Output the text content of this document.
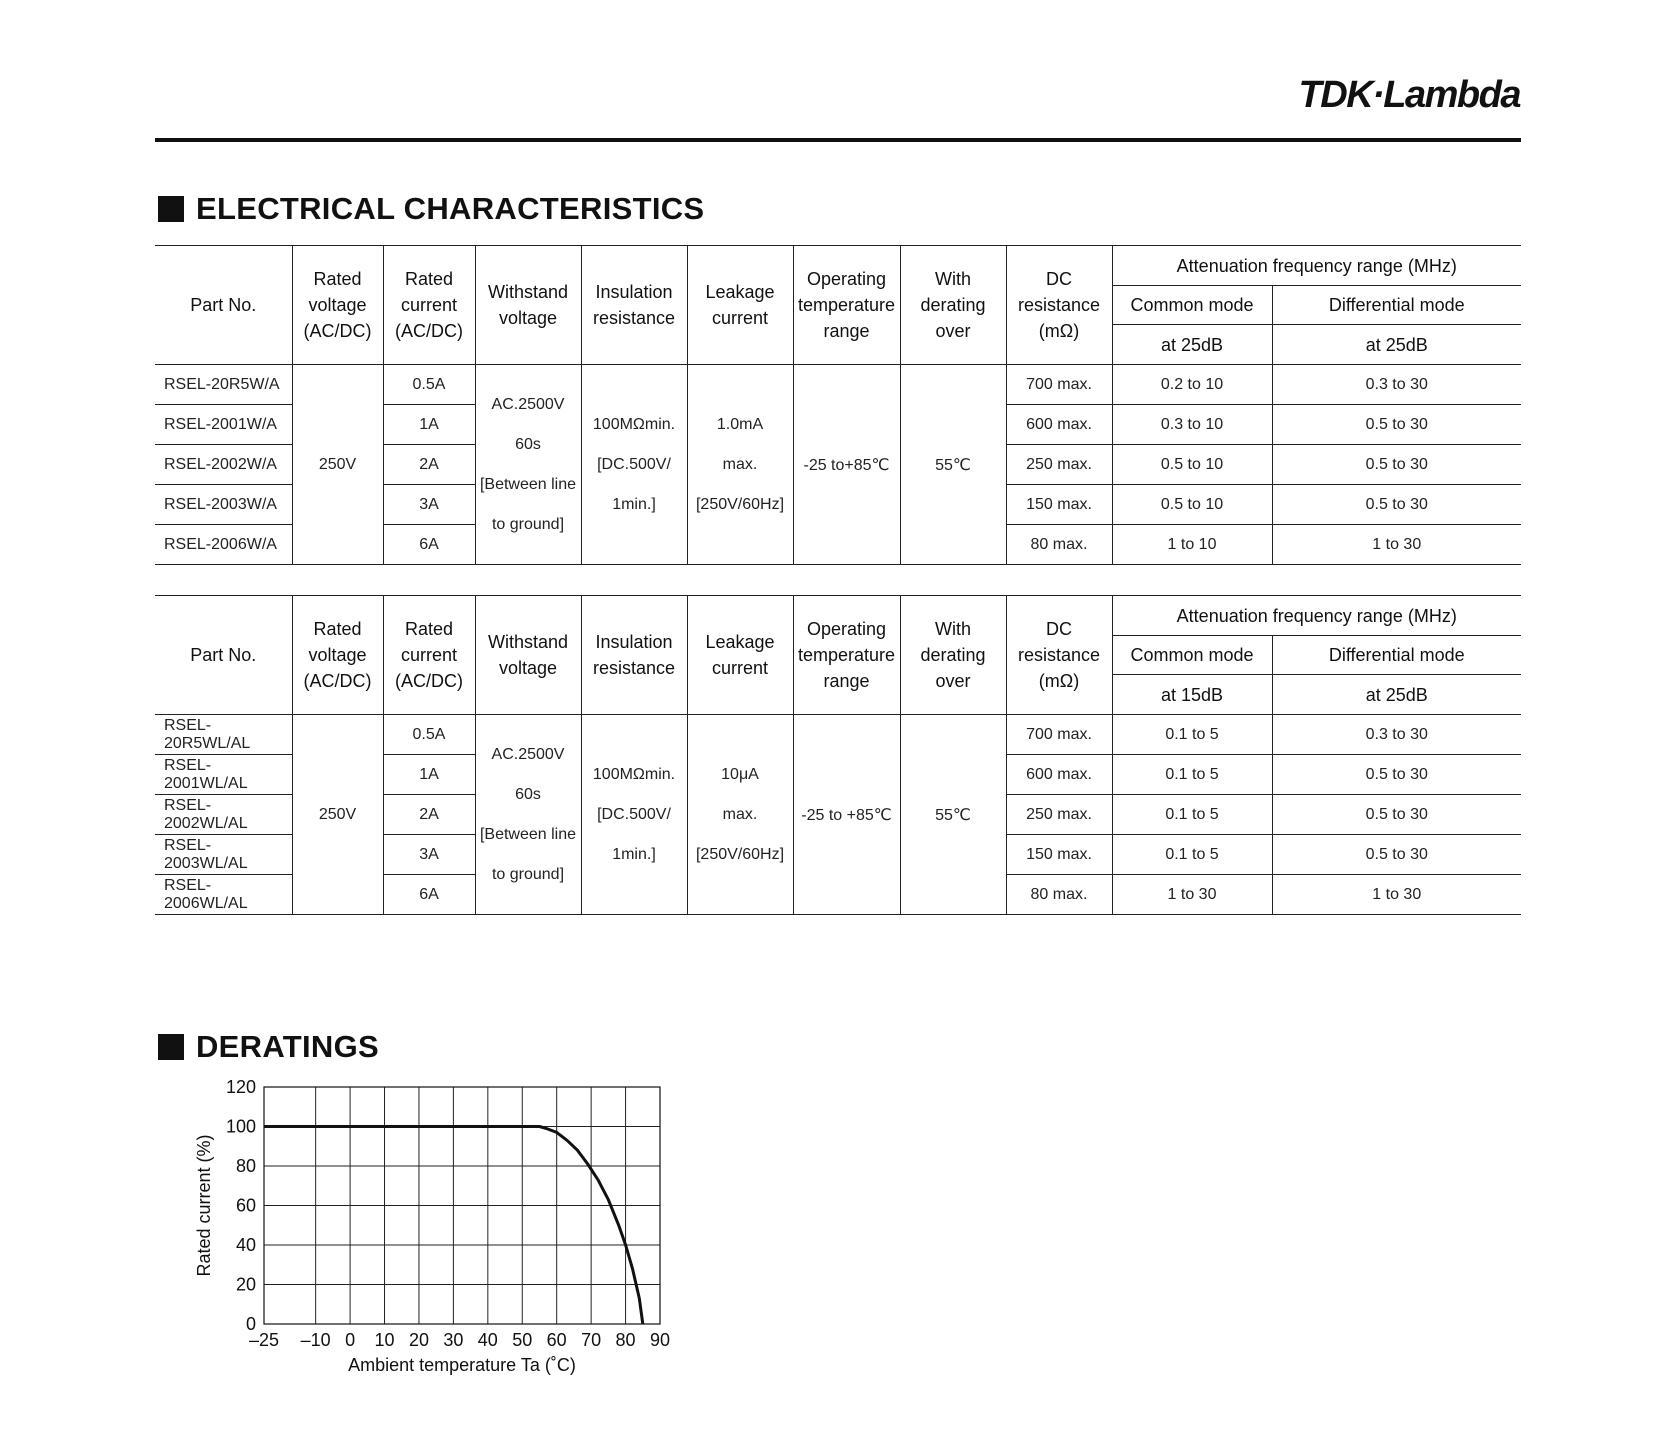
TDK·Lambda
ELECTRICAL CHARACTERISTICS
Part No.	Rated
voltage
(AC/DC)	Rated
current
(AC/DC)	Withstand
voltage	Insulation
resistance	Leakage
current	Operating
temperature
range	With
derating
over	DC
resistance
(mΩ)	Attenuation frequency range (MHz)	
									Common mode	Differential mode
									at 25dB	at 25dB
RSEL-20R5W/A	250V	0.5A	AC.2500V
60s
[Between line
to ground]	100MΩmin.
[DC.500V/
1min.]	1.0mA
max.
[250V/60Hz]	-25 to+85℃	55℃	700 max.	0.2 to 10	0.3 to 30
RSEL-2001W/A		1A						600 max.	0.3 to 10	0.5 to 30
RSEL-2002W/A		2A						250 max.	0.5 to 10	0.5 to 30
RSEL-2003W/A		3A						150 max.	0.5 to 10	0.5 to 30
RSEL-2006W/A		6A						80 max.	1 to 10	1 to 30
Part No.	Rated
voltage
(AC/DC)	Rated
current
(AC/DC)	Withstand
voltage	Insulation
resistance	Leakage
current	Operating
temperature
range	With
derating
over	DC
resistance
(mΩ)	Attenuation frequency range (MHz)	
									Common mode	Differential mode
									at 15dB	at 25dB
RSEL-20R5WL/AL	250V	0.5A	AC.2500V
60s
[Between line
to ground]	100MΩmin.
[DC.500V/
1min.]	10μA
max.
[250V/60Hz]	-25 to +85℃	55℃	700 max.	0.1 to 5	0.3 to 30
RSEL-2001WL/AL		1A						600 max.	0.1 to 5	0.5 to 30
RSEL-2002WL/AL		2A						250 max.	0.1 to 5	0.5 to 30
RSEL-2003WL/AL		3A						150 max.	0.1 to 5	0.5 to 30
RSEL-2006WL/AL		6A						80 max.	1 to 30	1 to 30
DERATINGS
–25 –10 0 10 20 30 40 50 60 70 80 90
0
20
40
60
80
100
120
Ambient temperature Ta (˚C)
Rated current (%)
